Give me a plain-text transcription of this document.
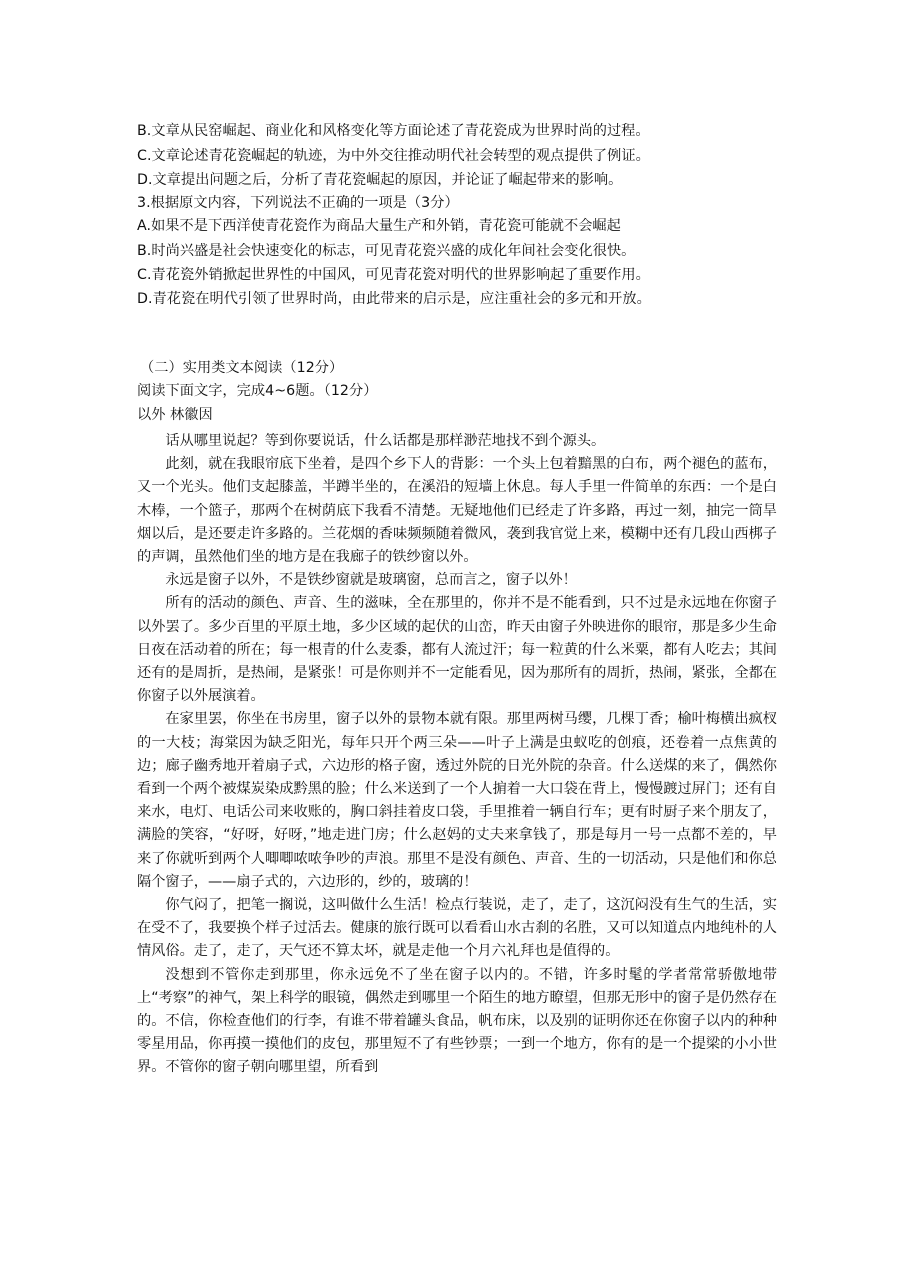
B.文章从民窑崛起、商业化和风格变化等方面论述了青花瓷成为世界时尚的过程。
C.文章论述青花瓷崛起的轨迹，为中外交往推动明代社会转型的观点提供了例证。
D.文章提出问题之后，分析了青花瓷崛起的原因，并论证了崛起带来的影响。
3.根据原文内容，下列说法不正确的一项是（3分）
A.如果不是下西洋使青花瓷作为商品大量生产和外销，青花瓷可能就不会崛起
B.时尚兴盛是社会快速变化的标志，可见青花瓷兴盛的成化年间社会变化很快。
C.青花瓷外销掀起世界性的中国风，可见青花瓷对明代的世界影响起了重要作用。
D.青花瓷在明代引领了世界时尚，由此带来的启示是，应注重社会的多元和开放。
（二）实用类文本阅读（12分）
阅读下面文字，完成4~6题。（12分）
以外 林徽因

话从哪里说起？等到你要说话，什么话都是那样渺茫地找不到个源头。

此刻，就在我眼帘底下坐着，是四个乡下人的背影：一个头上包着黯黑的白布，两个褪色的蓝布，又一个光头。他们支起膝盖，半蹲半坐的，在溪沿的短墙上休息。每人手里一件简单的东西：一个是白木棒，一个篮子，那两个在树荫底下我看不清楚。无疑地他们已经走了许多路，再过一刻，抽完一筒旱烟以后，是还要走许多路的。兰花烟的香味频频随着微风，袭到我官觉上来，模糊中还有几段山西梆子的声调，虽然他们坐的地方是在我廊子的铁纱窗以外。

永远是窗子以外，不是铁纱窗就是玻璃窗，总而言之，窗子以外！

所有的活动的颜色、声音、生的滋味，全在那里的，你并不是不能看到，只不过是永远地在你窗子以外罢了。多少百里的平原土地，多少区域的起伏的山峦，昨天由窗子外映进你的眼帘，那是多少生命日夜在活动着的所在；每一根青的什么麦黍，都有人流过汗；每一粒黄的什么米粟，都有人吃去；其间还有的是周折，是热闹，是紧张！可是你则并不一定能看见，因为那所有的周折，热闹，紧张，全都在你窗子以外展演着。

在家里罢，你坐在书房里，窗子以外的景物本就有限。那里两树马缨，几棵丁香；榆叶梅横出疯杈的一大枝；海棠因为缺乏阳光，每年只开个两三朵——叶子上满是虫蚁吃的创痕，还卷着一点焦黄的边；廊子幽秀地开着扇子式，六边形的格子窗，透过外院的日光外院的杂音。什么送煤的来了，偶然你看到一个两个被煤炭染成黔黑的脸；什么米送到了一个人掮着一大口袋在背上，慢慢踱过屏门；还有自来水，电灯、电话公司来收账的，胸口斜挂着皮口袋，手里推着一辆自行车；更有时厨子来个朋友了，满脸的笑容，“好呀，好呀，”地走进门房；什么赵妈的丈夫来拿钱了，那是每月一号一点都不差的，早来了你就听到两个人唧唧哝哝争吵的声浪。那里不是没有颜色、声音、生的一切活动，只是他们和你总隔个窗子，——扇子式的，六边形的，纱的，玻璃的！

你气闷了，把笔一搁说，这叫做什么生活！检点行装说，走了，走了，这沉闷没有生气的生活，实在受不了，我要换个样子过活去。健康的旅行既可以看看山水古刹的名胜，又可以知道点内地纯朴的人情风俗。走了，走了，天气还不算太坏，就是走他一个月六礼拜也是值得的。

没想到不管你走到那里，你永远免不了坐在窗子以内的。不错，许多时髦的学者常常骄傲地带上“考察”的神气，架上科学的眼镜，偶然走到哪里一个陌生的地方瞭望，但那无形中的窗子是仍然存在的。不信，你检查他们的行李，有谁不带着罐头食品，帆布床，以及别的证明你还在你窗子以内的种种零星用品，你再摸一摸他们的皮包，那里短不了有些钞票；一到一个地方，你有的是一个提梁的小小世界。不管你的窗子朝向哪里望，所看到
